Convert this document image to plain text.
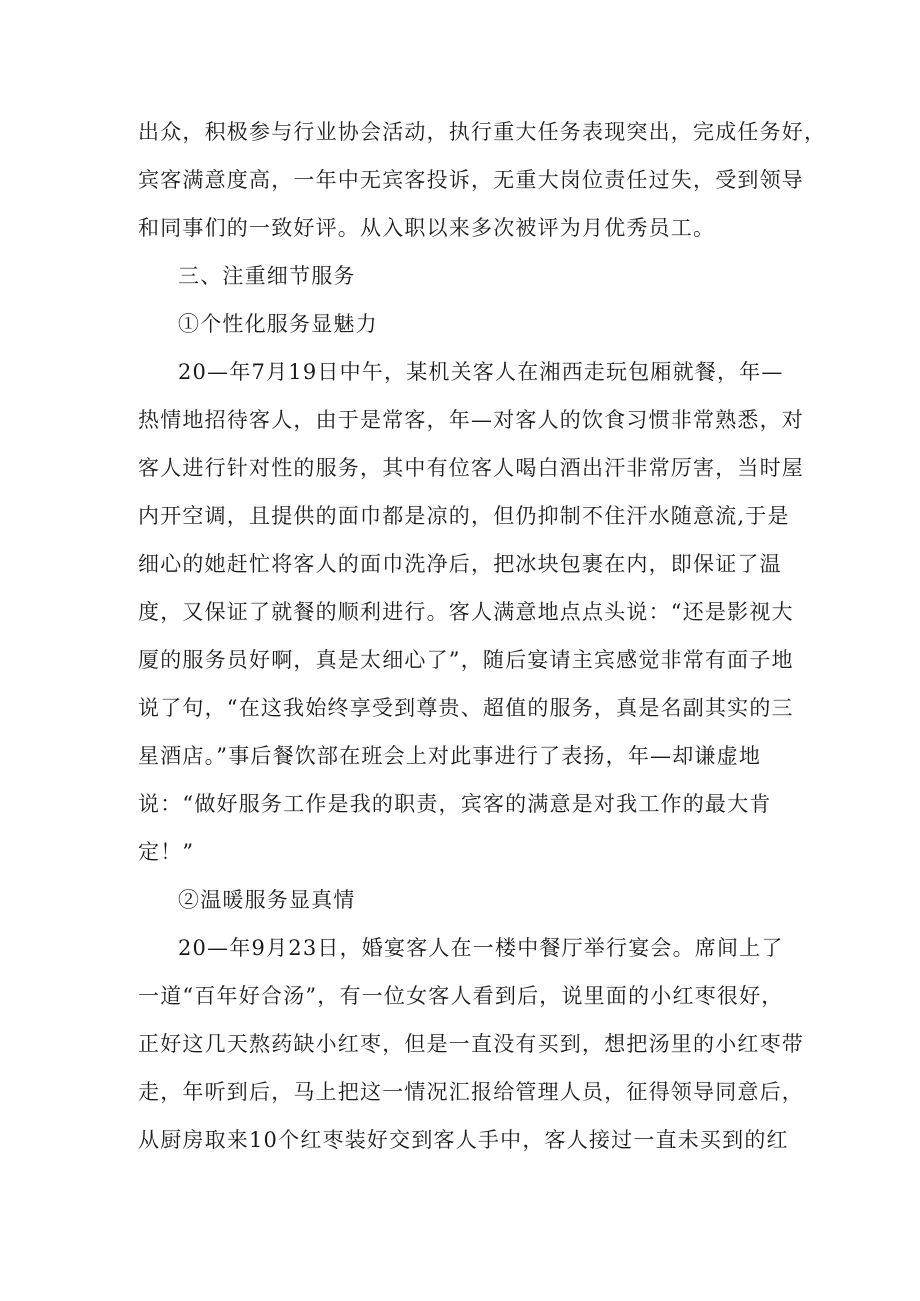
出众，积极参与行业协会活动，执行重大任务表现突出，完成任务好，
宾客满意度高，一年中无宾客投诉，无重大岗位责任过失，受到领导
和同事们的一致好评。从入职以来多次被评为月优秀员工。
三、注重细节服务
①个性化服务显魅力
20—年7月19日中午，某机关客人在湘西走玩包厢就餐，年—
热情地招待客人，由于是常客，年—对客人的饮食习惯非常熟悉，对
客人进行针对性的服务，其中有位客人喝白酒出汗非常厉害，当时屋
内开空调，且提供的面巾都是凉的，但仍抑制不住汗水随意流,于是
细心的她赶忙将客人的面巾洗净后，把冰块包裹在内，即保证了温
度，又保证了就餐的顺利进行。客人满意地点点头说：“还是影视大
厦的服务员好啊，真是太细心了”，随后宴请主宾感觉非常有面子地
说了句，“在这我始终享受到尊贵、超值的服务，真是名副其实的三
星酒店。”事后餐饮部在班会上对此事进行了表扬，年—却谦虚地
说：“做好服务工作是我的职责，宾客的满意是对我工作的最大肯
定！”
②温暖服务显真情
20—年9月23日，婚宴客人在一楼中餐厅举行宴会。席间上了
一道“百年好合汤”，有一位女客人看到后，说里面的小红枣很好，
正好这几天熬药缺小红枣，但是一直没有买到，想把汤里的小红枣带
走，年听到后，马上把这一情况汇报给管理人员，征得领导同意后，
从厨房取来10个红枣装好交到客人手中，客人接过一直未买到的红
